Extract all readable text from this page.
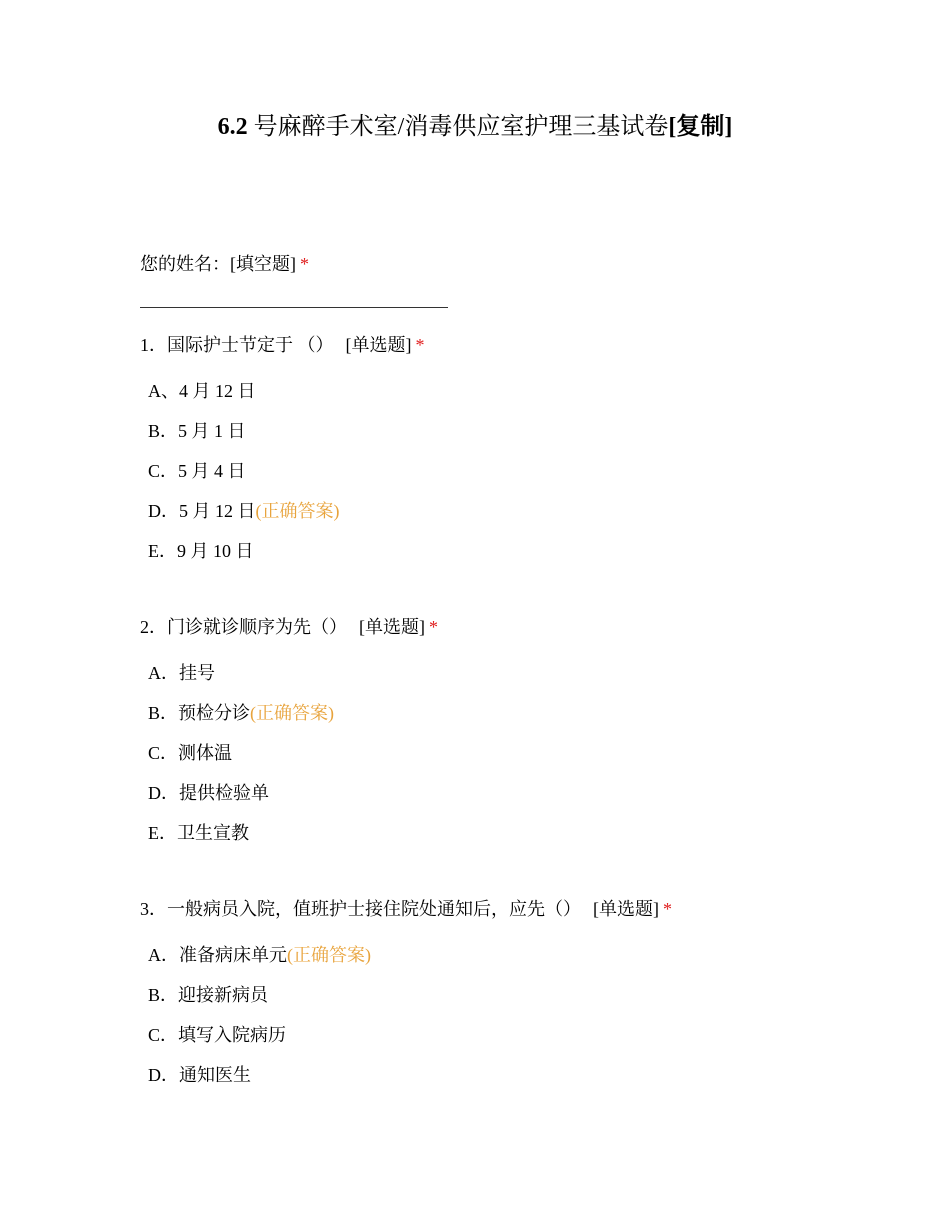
6.2 号麻醉手术室/消毒供应室护理三基试卷[复制]
您的姓名：[填空题] *
1．国际护士节定于 （） [单选题] *
A、4 月 12 日
B．5 月 1 日
C．5 月 4 日
D．5 月 12 日(正确答案)
E．9 月 10 日
2．门诊就诊顺序为先（） [单选题] *
A．挂号
B．预检分诊(正确答案)
C．测体温
D．提供检验单
E．卫生宣教
3．一般病员入院，值班护士接住院处通知后，应先（） [单选题] *
A．准备病床单元(正确答案)
B．迎接新病员
C．填写入院病历
D．通知医生
